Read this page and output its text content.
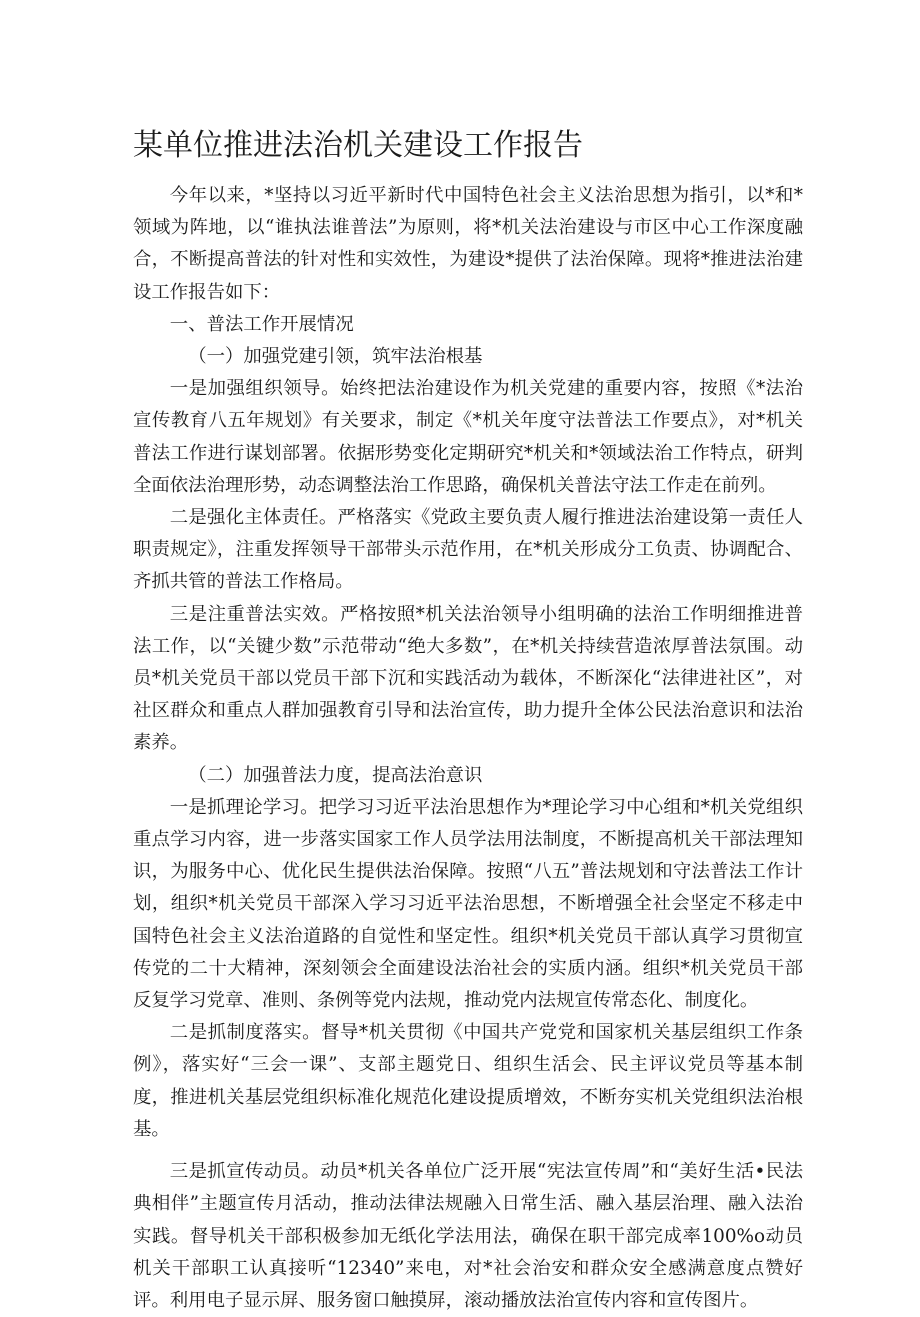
某单位推进法治机关建设工作报告

今年以来，*坚持以习近平新时代中国特色社会主义法治思想为指引，以*和*领域为阵地，以“谁执法谁普法”为原则，将*机关法治建设与市区中心工作深度融合，不断提高普法的针对性和实效性，为建设*提供了法治保障。现将*推进法治建设工作报告如下：

一、普法工作开展情况

（一）加强党建引领，筑牢法治根基

一是加强组织领导。始终把法治建设作为机关党建的重要内容，按照《*法治宣传教育八五年规划》有关要求，制定《*机关年度守法普法工作要点》，对*机关普法工作进行谋划部署。依据形势变化定期研究*机关和*领域法治工作特点，研判全面依法治理形势，动态调整法治工作思路，确保机关普法守法工作走在前列。

二是强化主体责任。严格落实《党政主要负责人履行推进法治建设第一责任人职责规定》，注重发挥领导干部带头示范作用，在*机关形成分工负责、协调配合、齐抓共管的普法工作格局。

三是注重普法实效。严格按照*机关法治领导小组明确的法治工作明细推进普法工作，以“关键少数”示范带动“绝大多数”，在*机关持续营造浓厚普法氛围。动员*机关党员干部以党员干部下沉和实践活动为载体，不断深化“法律进社区”，对社区群众和重点人群加强教育引导和法治宣传，助力提升全体公民法治意识和法治素养。

（二）加强普法力度，提高法治意识

一是抓理论学习。把学习习近平法治思想作为*理论学习中心组和*机关党组织重点学习内容，进一步落实国家工作人员学法用法制度，不断提高机关干部法理知识，为服务中心、优化民生提供法治保障。按照“八五”普法规划和守法普法工作计划，组织*机关党员干部深入学习习近平法治思想，不断增强全社会坚定不移走中国特色社会主义法治道路的自觉性和坚定性。组织*机关党员干部认真学习贯彻宣传党的二十大精神，深刻领会全面建设法治社会的实质内涵。组织*机关党员干部反复学习党章、准则、条例等党内法规，推动党内法规宣传常态化、制度化。

二是抓制度落实。督导*机关贯彻《中国共产党党和国家机关基层组织工作条例》，落实好“三会一课”、支部主题党日、组织生活会、民主评议党员等基本制度，推进机关基层党组织标准化规范化建设提质增效，不断夯实机关党组织法治根基。

三是抓宣传动员。动员*机关各单位广泛开展“宪法宣传周”和“美好生活•民法典相伴”主题宣传月活动，推动法律法规融入日常生活、融入基层治理、融入法治实践。督导机关干部积极参加无纸化学法用法，确保在职干部完成率100%o动员机关干部职工认真接听“12340”来电，对*社会治安和群众安全感满意度点赞好评。利用电子显示屏、服务窗口触摸屏，滚动播放法治宣传内容和宣传图片。
